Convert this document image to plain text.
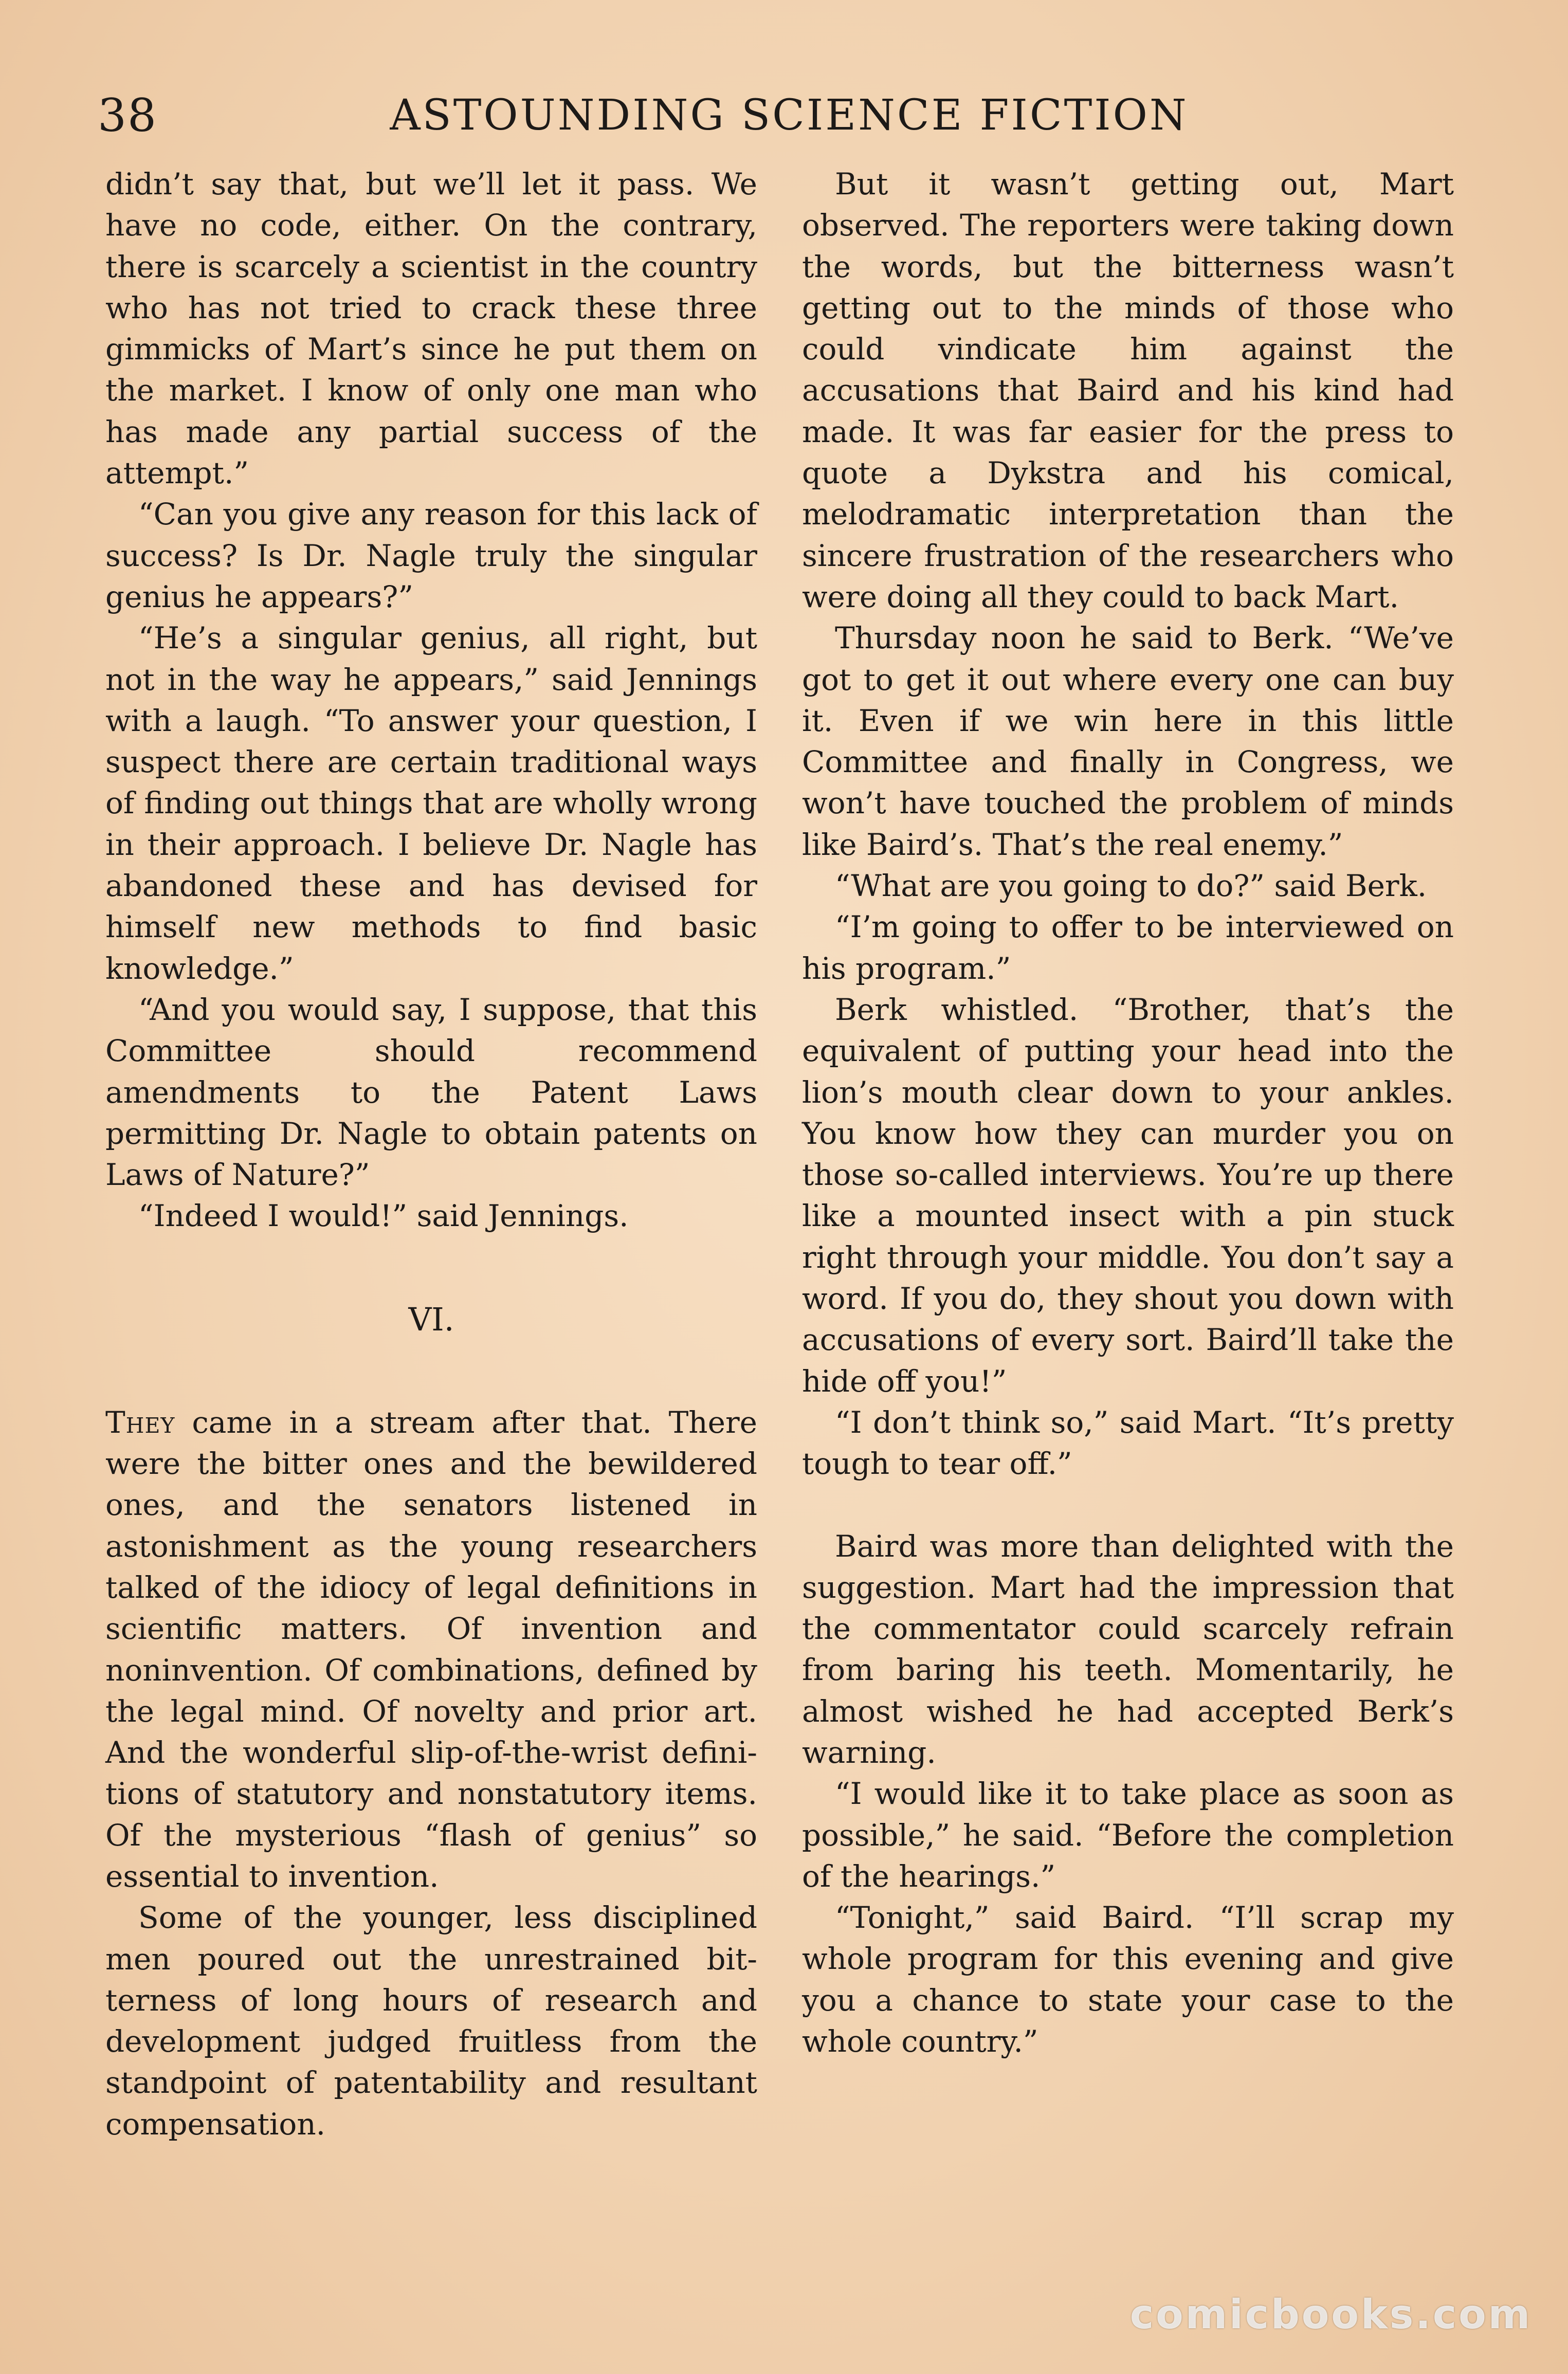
38	ASTOUNDING SCIENCE FICTION

didn’t say that, but we’ll let it pass. We have no code, either. On the contrary, there is scarcely a scientist in the country who has not tried to crack these three gimmicks of Mart’s since he put them on the market. I know of only one man who has made any partial success of the attempt.”

“Can you give any reason for this lack of success? Is Dr. Nagle truly the singular genius he appears?”

“He’s a singular genius, all right, but not in the way he appears,” said Jennings with a laugh. “To answer your question, I suspect there are certain traditional ways of finding out things that are wholly wrong in their approach. I believe Dr. Nagle has abandoned these and has devised for himself new methods to find basic knowledge.”

“And you would say, I suppose, that this Committee should recommend amendments to the Patent Laws permitting Dr. Nagle to obtain patents on Laws of Nature?”

“Indeed I would!” said Jennings.

VI.

They came in a stream after that. There were the bitter ones and the bewildered ones, and the senators listened in astonishment as the young researchers talked of the idiocy of legal definitions in scientific matters. Of invention and noninvention. Of combinations, defined by the legal mind. Of novelty and prior art. And the wonderful slip-of-the-wrist definitions of statutory and nonstatutory items. Of the mysterious “flash of genius” so essential to invention.

Some of the younger, less disciplined men poured out the unrestrained bitterness of long hours of research and development judged fruitless from the standpoint of patentability and resultant compensation.

But it wasn’t getting out, Mart observed. The reporters were taking down the words, but the bitterness wasn’t getting out to the minds of those who could vindicate him against the accusations that Baird and his kind had made. It was far easier for the press to quote a Dykstra and his comical, melodramatic interpretation than the sincere frustration of the researchers who were doing all they could to back Mart.

Thursday noon he said to Berk. “We’ve got to get it out where every one can buy it. Even if we win here in this little Committee and finally in Congress, we won’t have touched the problem of minds like Baird’s. That’s the real enemy.”

“What are you going to do?” said Berk.

“I’m going to offer to be interviewed on his program.”

Berk whistled. “Brother, that’s the equivalent of putting your head into the lion’s mouth clear down to your ankles. You know how they can murder you on those so-called interviews. You’re up there like a mounted insect with a pin stuck right through your middle. You don’t say a word. If you do, they shout you down with accusations of every sort. Baird’ll take the hide off you!”

“I don’t think so,” said Mart. “It’s pretty tough to tear off.”

Baird was more than delighted with the suggestion. Mart had the impression that the commentator could scarcely refrain from baring his teeth. Momentarily, he almost wished he had accepted Berk’s warning.

“I would like it to take place as soon as possible,” he said. “Before the completion of the hearings.”

“Tonight,” said Baird. “I’ll scrap my whole program for this evening and give you a chance to state your case to the whole country.”

comicbooks.com
